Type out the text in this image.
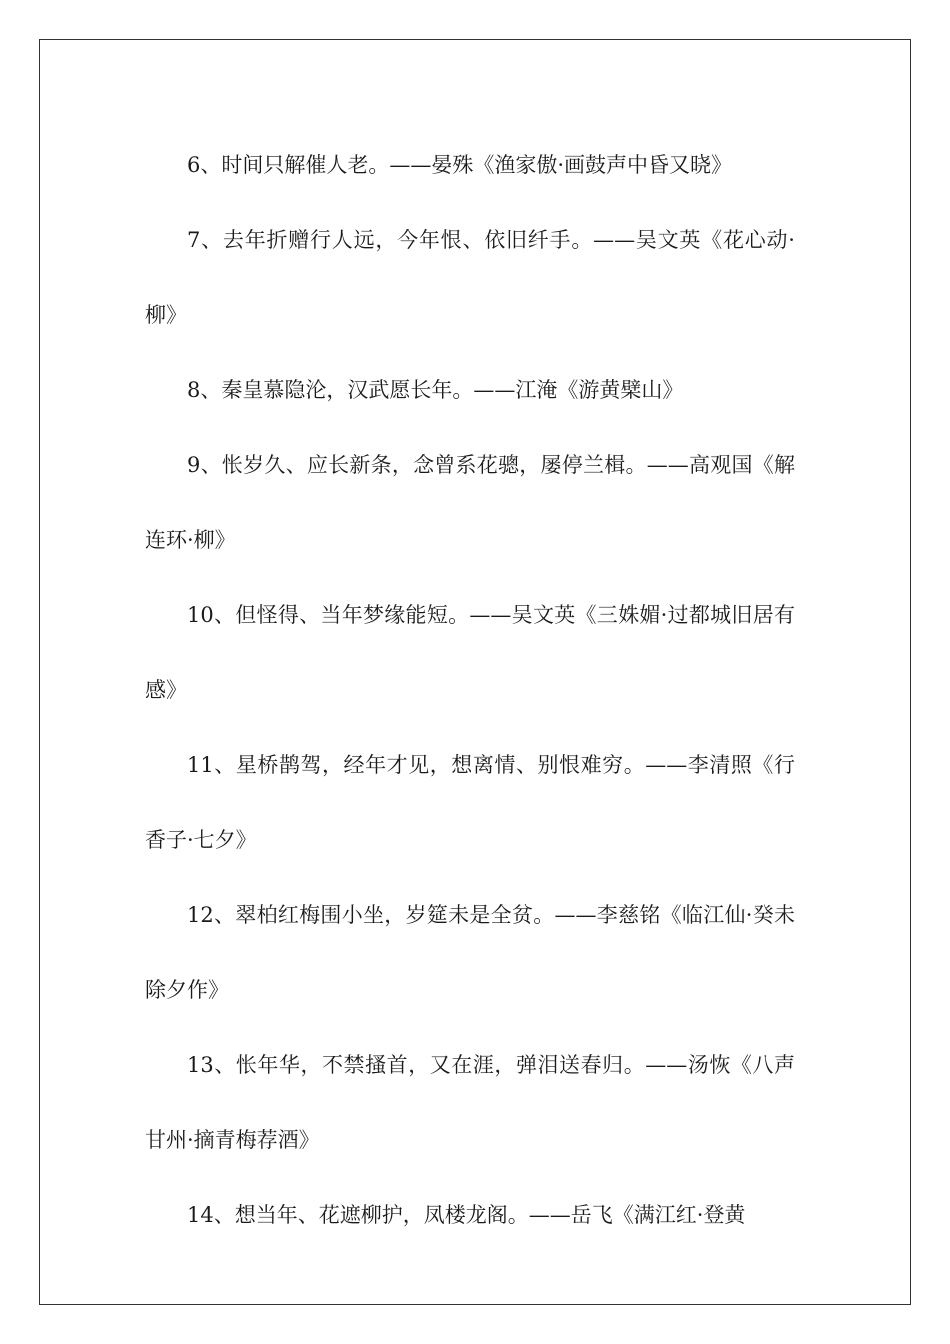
6、时间只解催人老。——晏殊《渔家傲·画鼓声中昏又晓》

7、去年折赠行人远，今年恨、依旧纤手。——吴文英《花心动·柳》

8、秦皇慕隐沦，汉武愿长年。——江淹《游黄檗山》

9、怅岁久、应长新条，念曾系花骢，屡停兰楫。——高观国《解连环·柳》

10、但怪得、当年梦缘能短。——吴文英《三姝媚·过都城旧居有感》

11、星桥鹊驾，经年才见，想离情、别恨难穷。——李清照《行香子·七夕》

12、翠柏红梅围小坐，岁筵未是全贫。——李慈铭《临江仙·癸未除夕作》

13、怅年华，不禁搔首，又在涯，弹泪送春归。——汤恢《八声甘州·摘青梅荐酒》

14、想当年、花遮柳护，凤楼龙阁。——岳飞《满江红·登黄
